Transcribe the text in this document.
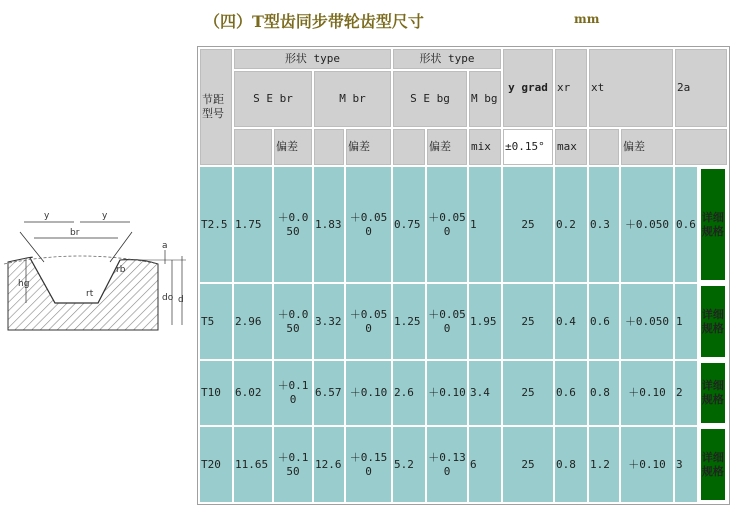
（四）T型齿同步带轮齿型尺寸	mm
y	y
br
a
do d
hg
rb
rt
节距型号	形状 type				形状 type			y grad	xr	xt		2a	
	S E br		M br		S E bg		M bg						
		偏差		偏差		偏差	mix	±0.15°	max		偏差		
T2.5	1.75	＋0.050	1.83	＋0.050	0.75	＋0.050	1	25	0.2	0.3	＋0.050	0.6	详细规格
T5	2.96	＋0.050	3.32	＋0.050	1.25	＋0.050	1.95	25	0.4	0.6	＋0.050	1	详细规格
T10	6.02	＋0.10	6.57	＋0.10	2.6	＋0.10	3.4	25	0.6	0.8	＋0.10	2	详细规格
T20	11.65	＋0.150	12.6	＋0.150	5.2	＋0.130	6	25	0.8	1.2	＋0.10	3	详细规格
